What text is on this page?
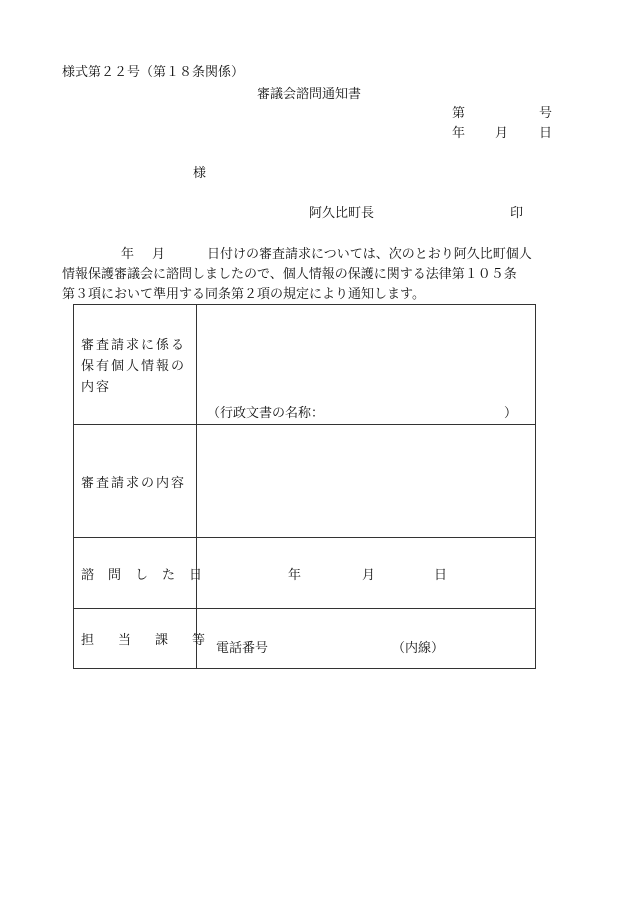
様式第２２号（第１８条関係）
審議会諮問通知書
第	号
年 月 日
様
阿久比町長	印
年 月	日付けの審査請求については、次のとおり阿久比町個人
情報保護審議会に諮問しましたので、個人情報の保護に関する法律第１０５条
第３項において準用する同条第２項の規定により通知します。
審査請求に係る
保有個人情報の
内容
（行政文書の名称：	）
審査請求の内容
諮問した日	年	月	日
担当課等
電話番号	（内線）
